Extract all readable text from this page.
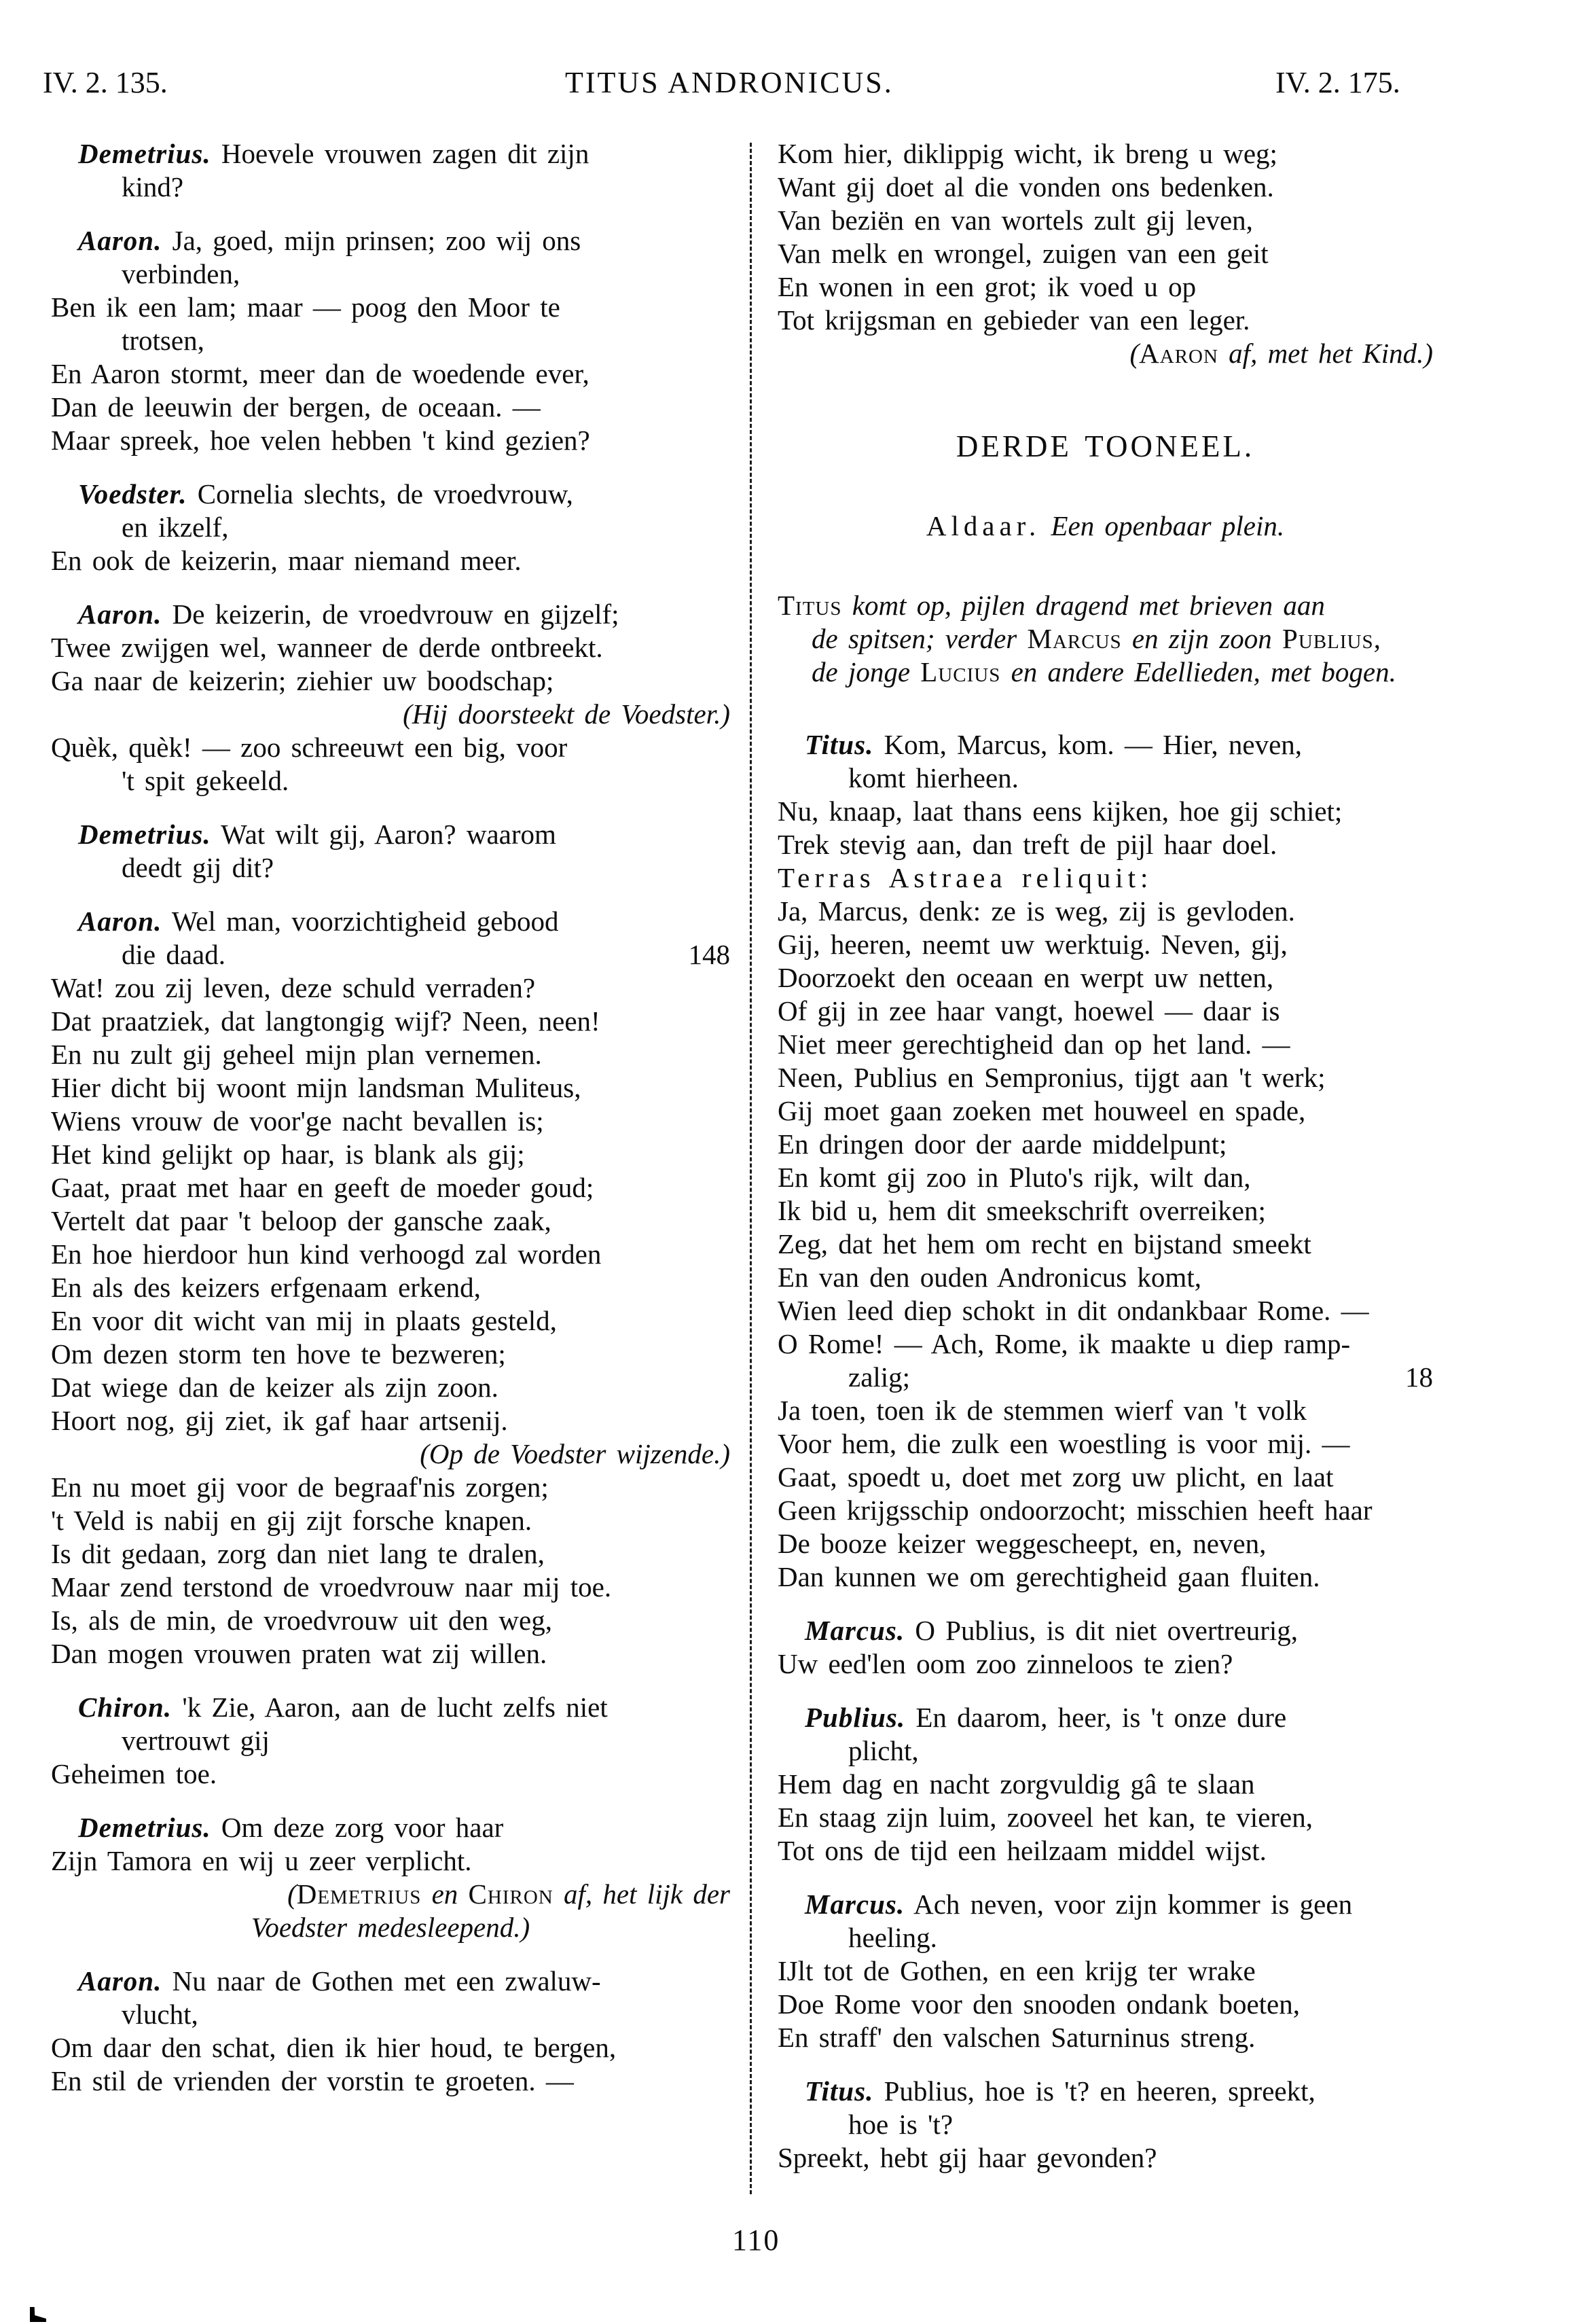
IV. 2. 135.	TITUS ANDRONICUS.	IV. 2. 175.
Demetrius. Hoevele vrouwen zagen dit zijn
kind?
Aaron. Ja, goed, mijn prinsen; zoo wij ons
verbinden,
Ben ik een lam; maar — poog den Moor te
trotsen,
En Aaron stormt, meer dan de woedende ever,
Dan de leeuwin der bergen, de oceaan. —
Maar spreek, hoe velen hebben 't kind gezien?
Voedster. Cornelia slechts, de vroedvrouw,
en ikzelf,
En ook de keizerin, maar niemand meer.
Aaron. De keizerin, de vroedvrouw en gijzelf;
Twee zwijgen wel, wanneer de derde ontbreekt.
Ga naar de keizerin; ziehier uw boodschap;
(Hij doorsteekt de Voedster.)
Quèk, quèk! — zoo schreeuwt een big, voor
't spit gekeeld.
Demetrius. Wat wilt gij, Aaron? waarom
deedt gij dit?
Aaron. Wel man, voorzichtigheid gebood
die daad.	148
Wat! zou zij leven, deze schuld verraden?
Dat praatziek, dat langtongig wijf? Neen, neen!
En nu zult gij geheel mijn plan vernemen.
Hier dicht bij woont mijn landsman Muliteus,
Wiens vrouw de voor'ge nacht bevallen is;
Het kind gelijkt op haar, is blank als gij;
Gaat, praat met haar en geeft de moeder goud;
Vertelt dat paar 't beloop der gansche zaak,
En hoe hierdoor hun kind verhoogd zal worden
En als des keizers erfgenaam erkend,
En voor dit wicht van mij in plaats gesteld,
Om dezen storm ten hove te bezweren;
Dat wiege dan de keizer als zijn zoon.
Hoort nog, gij ziet, ik gaf haar artsenij.
(Op de Voedster wijzende.)
En nu moet gij voor de begraaf'nis zorgen;
't Veld is nabij en gij zijt forsche knapen.
Is dit gedaan, zorg dan niet lang te dralen,
Maar zend terstond de vroedvrouw naar mij toe.
Is, als de min, de vroedvrouw uit den weg,
Dan mogen vrouwen praten wat zij willen.
Chiron. 'k Zie, Aaron, aan de lucht zelfs niet
vertrouwt gij
Geheimen toe.
Demetrius. Om deze zorg voor haar
Zijn Tamora en wij u zeer verplicht.
(Demetrius en Chiron af, het lijk der
Voedster medesleepend.)
Aaron. Nu naar de Gothen met een zwaluw-
vlucht,
Om daar den schat, dien ik hier houd, te bergen,
En stil de vrienden der vorstin te groeten. —
Kom hier, diklippig wicht, ik breng u weg;
Want gij doet al die vonden ons bedenken.
Van beziën en van wortels zult gij leven,
Van melk en wrongel, zuigen van een geit
En wonen in een grot; ik voed u op
Tot krijgsman en gebieder van een leger.
(Aaron af, met het Kind.)
DERDE TOONEEL.
Aldaar. Een openbaar plein.
Titus komt op, pijlen dragend met brieven aan
de spitsen; verder Marcus en zijn zoon Publius,
de jonge Lucius en andere Edellieden, met bogen.
Titus. Kom, Marcus, kom. — Hier, neven,
komt hierheen.
Nu, knaap, laat thans eens kijken, hoe gij schiet;
Trek stevig aan, dan treft de pijl haar doel.
Terras Astraea reliquit:
Ja, Marcus, denk: ze is weg, zij is gevloden.
Gij, heeren, neemt uw werktuig. Neven, gij,
Doorzoekt den oceaan en werpt uw netten,
Of gij in zee haar vangt, hoewel — daar is
Niet meer gerechtigheid dan op het land. —
Neen, Publius en Sempronius, tijgt aan 't werk;
Gij moet gaan zoeken met houweel en spade,
En dringen door der aarde middelpunt;
En komt gij zoo in Pluto's rijk, wilt dan,
Ik bid u, hem dit smeekschrift overreiken;
Zeg, dat het hem om recht en bijstand smeekt
En van den ouden Andronicus komt,
Wien leed diep schokt in dit ondankbaar Rome. —
O Rome! — Ach, Rome, ik maakte u diep ramp-
zalig;	18
Ja toen, toen ik de stemmen wierf van 't volk
Voor hem, die zulk een woestling is voor mij. —
Gaat, spoedt u, doet met zorg uw plicht, en laat
Geen krijgsschip ondoorzocht; misschien heeft haar
De booze keizer weggescheept, en, neven,
Dan kunnen we om gerechtigheid gaan fluiten.
Marcus. O Publius, is dit niet overtreurig,
Uw eed'len oom zoo zinneloos te zien?
Publius. En daarom, heer, is 't onze dure
plicht,
Hem dag en nacht zorgvuldig gâ te slaan
En staag zijn luim, zooveel het kan, te vieren,
Tot ons de tijd een heilzaam middel wijst.
Marcus. Ach neven, voor zijn kommer is geen
heeling.
IJlt tot de Gothen, en een krijg ter wrake
Doe Rome voor den snooden ondank boeten,
En straff' den valschen Saturninus streng.
Titus. Publius, hoe is 't? en heeren, spreekt,
hoe is 't?
Spreekt, hebt gij haar gevonden?
110
